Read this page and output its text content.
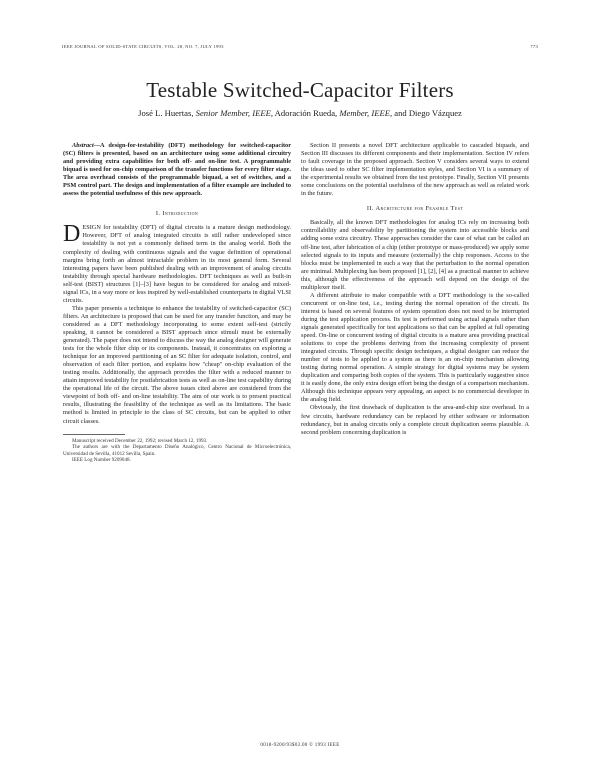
IEEE JOURNAL OF SOLID-STATE CIRCUITS, VOL. 28, NO. 7, JULY 1993	773
Testable Switched-Capacitor Filters
José L. Huertas, Senior Member, IEEE, Adoración Rueda, Member, IEEE, and Diego Vázquez

Abstract—A design-for-testability (DFT) methodology for switched-capacitor (SC) filters is presented, based on an architecture using some additional circuitry and providing extra capabilities for both off- and on-line test. A programmable biquad is used for on-chip comparison of the transfer functions for every filter stage. The area overhead consists of the programmable biquad, a set of switches, and a PSM control part. The design and implementation of a filter example are included to assess the potential usefulness of this new approach.

I. Introduction

DESIGN for testability (DFT) of digital circuits is a mature design methodology. However, DFT of analog integrated circuits is still rather undeveloped since testability is not yet a commonly defined term in the analog world. Both the complexity of dealing with continuous signals and the vague definition of operational margins bring forth an almost intractable problem in its most general form. Several interesting papers have been published dealing with an improvement of analog circuits testability through special hardware methodologies. DFT techniques as well as built-in self-test (BIST) structures [1]–[3] have begun to be considered for analog and mixed-signal ICs, in a way more or less inspired by well-established counterparts in digital VLSI circuits.

This paper presents a technique to enhance the testability of switched-capacitor (SC) filters. An architecture is proposed that can be used for any transfer function, and may be considered as a DFT methodology incorporating to some extent self-test (strictly speaking, it cannot be considered a BIST approach since stimuli must be externally generated). The paper does not intend to discuss the way the analog designer will generate tests for the whole filter chip or its components. Instead, it concentrates on exploring a technique for an improved partitioning of an SC filter for adequate isolation, control, and observation of each filter portion, and explains how "cheap" on-chip evaluation of the testing results. Additionally, the approach provides the filter with a reduced manner to attain improved testability for postfabrication tests as well as on-line test capability during the operational life of the circuit. The above issues cited above are considered from the viewpoint of both off- and on-line testability. The aim of our work is to present practical results, illustrating the feasibility of the technique as well as its limitations. The basic method is limited in principle to the class of SC circuits, but can be applied to other circuit classes.

Manuscript received December 22, 1992; revised March 12, 1993.

The authors are with the Departamento Diseño Analógico, Centro Nacional de Microelectrónica, Universidad de Sevilla, 41012 Sevilla, Spain.

IEEE Log Number 9209048.

Section II presents a novel DFT architecture applicable to cascaded biquads, and Section III discusses its different components and their implementation. Section IV refers to fault coverage in the proposed approach. Section V considers several ways to extend the ideas used to other SC filter implementation styles, and Section VI is a summary of the experimental results we obtained from the test prototype. Finally, Section VII presents some conclusions on the potential usefulness of the new approach as well as related work in the future.

II. Architecture for Feasible Test

Basically, all the known DFT methodologies for analog ICs rely on increasing both controllability and observability by partitioning the system into accessible blocks and adding some extra circuitry. These approaches consider the case of what can be called an off-line test, after fabrication of a chip (either prototype or mass-produced) we apply some selected signals to its inputs and measure (externally) the chip responses. Access to the blocks must be implemented in such a way that the perturbation to the normal operation are minimal. Multiplexing has been proposed [1], [2], [4] as a practical manner to achieve this, although the effectiveness of the approach will depend on the design of the multiplexer itself.

A different attribute to make compatible with a DFT methodology is the so-called concurrent or on-line test, i.e., testing during the normal operation of the circuit. Its interest is based on several features of system operation does not need to be interrupted during the test application process. Its test is performed using actual signals rather than signals generated specifically for test applications so that can be applied at full operating speed. On-line or concurrent testing of digital circuits is a mature area providing practical solutions to cope the problems deriving from the increasing complexity of present integrated circuits. Through specific design techniques, a digital designer can reduce the number of tests to be applied to a system as there is an on-chip mechanism allowing testing during normal operation. A simple strategy for digital systems may be system duplication and comparing both copies of the system. This is particularly suggestive since it is easily done, the only extra design effort being the design of a comparison mechanism. Although this technique appears very appealing, an aspect is no commercial developer in the analog field.

Obviously, the first drawback of duplication is the area-and-chip size overhead. In a few circuits, hardware redundancy can be replaced by either software or information redundancy, but in analog circuits only a complete circuit duplication seems plausible. A second problem concerning duplication is

0018-9200/93$03.00 © 1993 IEEE
